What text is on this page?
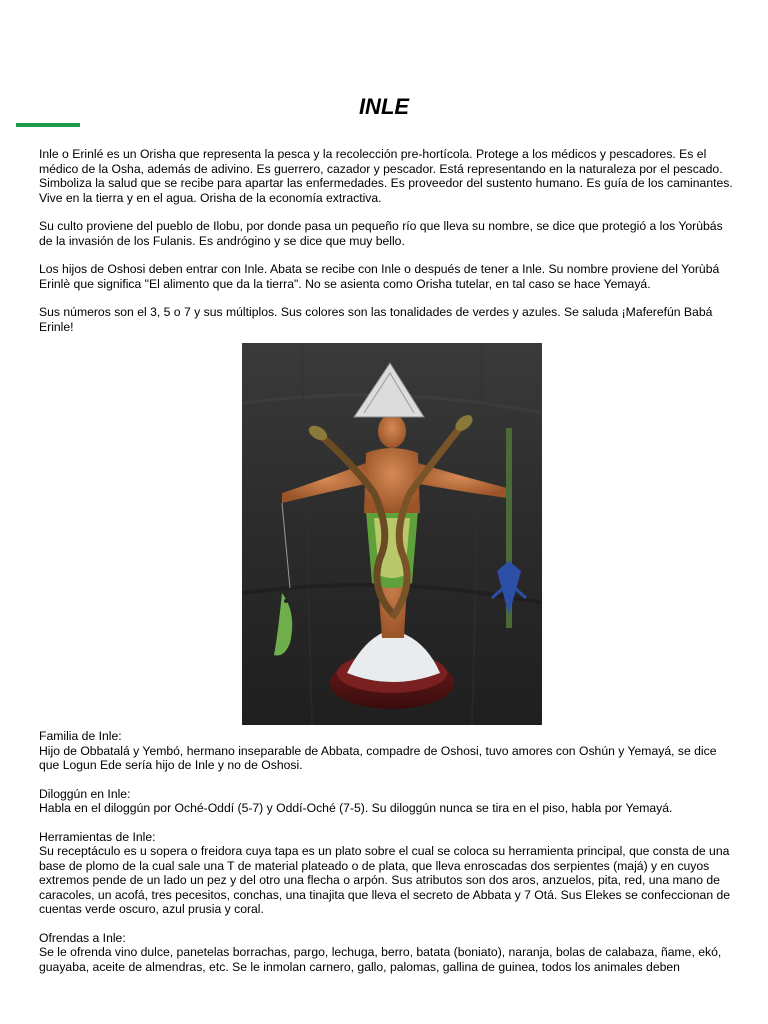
INLE

Inle o Erinlé es un Orisha que representa la pesca y la recolección pre-hortícola. Protege a los médicos y pescadores. Es el médico de la Osha, además de adivino. Es guerrero, cazador y pescador. Está representando en la naturaleza por el pescado. Simboliza la salud que se recibe para apartar las enfermedades. Es proveedor del sustento humano. Es guía de los caminantes. Vive en la tierra y en el agua. Orisha de la economía extractiva.

Su culto proviene del pueblo de Ilobu, por donde pasa un pequeño río que lleva su nombre, se dice que protegió a los Yorùbás de la invasión de los Fulanis. Es andrógino y se dice que muy bello.

Los hijos de Oshosi deben entrar con Inle. Abata se recibe con Inle o después de tener a Inle. Su nombre proviene del Yorùbá Erinlè que significa "El alimento que da la tierra". No se asienta como Orisha tutelar, en tal caso se hace Yemayá.

Sus números son el 3, 5 o 7 y sus múltiplos. Sus colores son las tonalidades de verdes y azules. Se saluda ¡Maferefún Babá Erinle!

Familia de Inle:

Hijo de Obbatalá y Yembó, hermano inseparable de Abbata, compadre de Oshosi, tuvo amores con Oshún y Yemayá, se dice que Logun Ede sería hijo de Inle y no de Oshosi.

Diloggún en Inle:

Habla en el diloggún por Oché-Oddí (5-7) y Oddí-Oché (7-5). Su diloggún nunca se tira en el piso, habla por Yemayá.

Herramientas de Inle:

Su receptáculo es u sopera o freidora cuya tapa es un plato sobre el cual se coloca su herramienta principal, que consta de una base de plomo de la cual sale una T de material plateado o de plata, que lleva enroscadas dos serpientes (majá) y en cuyos extremos pende de un lado un pez y del otro una flecha o arpón. Sus atributos son dos aros, anzuelos, pita, red, una mano de caracoles, un acofá, tres pecesitos, conchas, una tinajita que lleva el secreto de Abbata y 7 Otá. Sus Elekes se confeccionan de cuentas verde oscuro, azul prusia y coral.

Ofrendas a Inle:

Se le ofrenda vino dulce, panetelas borrachas, pargo, lechuga, berro, batata (boniato), naranja, bolas de calabaza, ñame, ekó, guayaba, aceite de almendras, etc. Se le inmolan carnero, gallo, palomas, gallina de guinea, todos los animales deben
